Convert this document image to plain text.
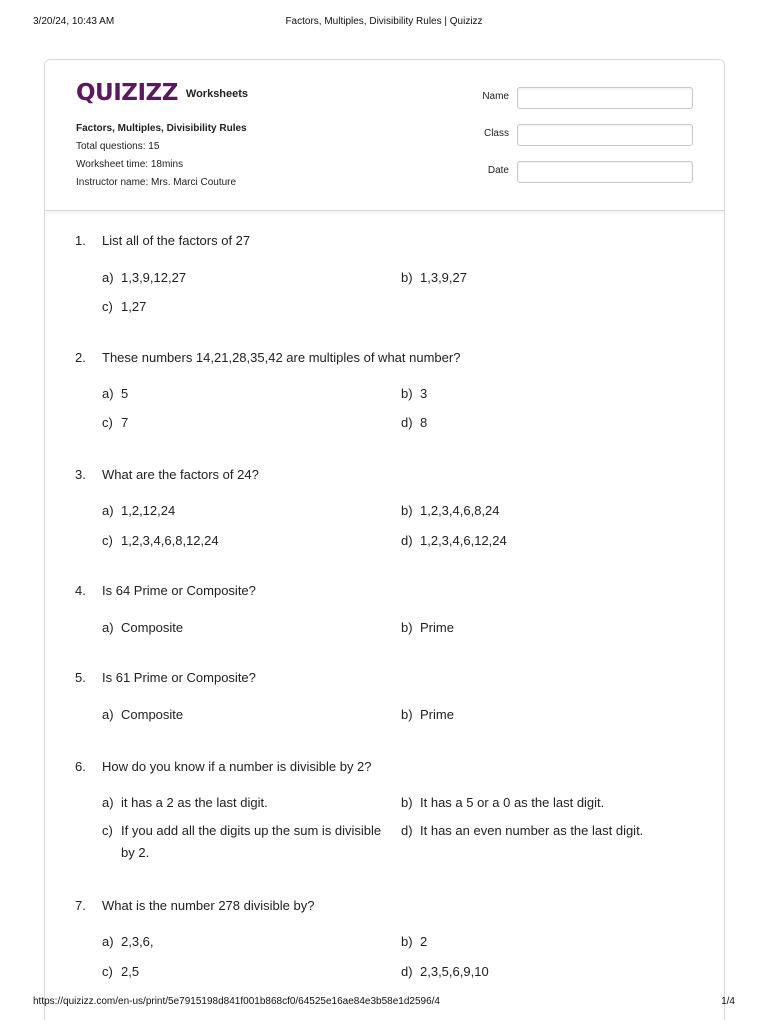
3/20/24, 10:43 AM	Factors, Multiples, Divisibility Rules | Quizizz
QUIZIZZ Worksheets
Factors, Multiples, Divisibility Rules
Total questions: 15
Worksheet time: 18mins
Instructor name: Mrs. Marci Couture
Name
Class
Date
1. List all of the factors of 27
a) 1,3,9,12,27	b) 1,3,9,27
c) 1,27
2. These numbers 14,21,28,35,42 are multiples of what number?
a) 5	b) 3
c) 7	d) 8
3. What are the factors of 24?
a) 1,2,12,24	b) 1,2,3,4,6,8,24
c) 1,2,3,4,6,8,12,24	d) 1,2,3,4,6,12,24
4. Is 64 Prime or Composite?
a) Composite	b) Prime
5. Is 61 Prime or Composite?
a) Composite	b) Prime
6. How do you know if a number is divisible by 2?
a) it has a 2 as the last digit.	b) It has a 5 or a 0 as the last digit.
c) If you add all the digits up the sum is divisible by 2.
d) It has an even number as the last digit.
7. What is the number 278 divisible by?
a) 2,3,6,	b) 2
c) 2,5	d) 2,3,5,6,9,10
https://quizizz.com/en-us/print/5e7915198d841f001b868cf0/64525e16ae84e3b58e1d2596/4	1/4
